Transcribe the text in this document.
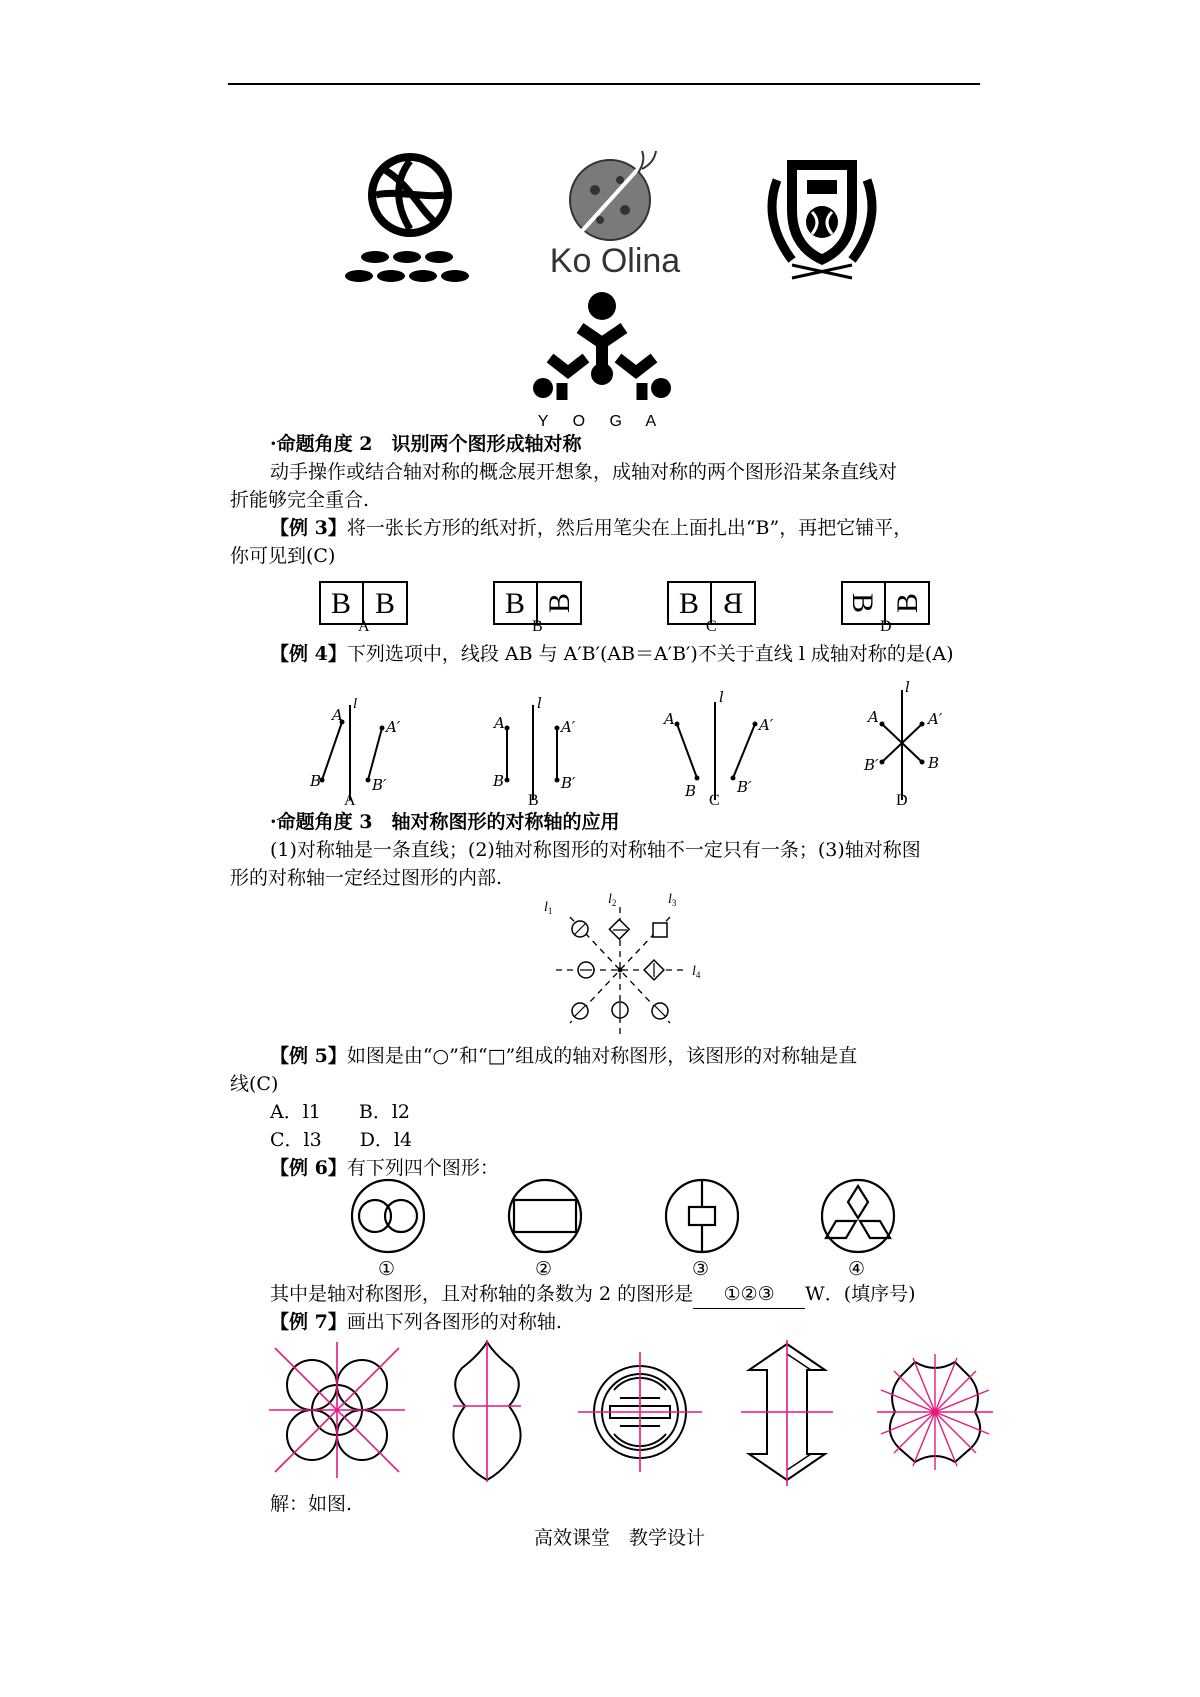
Ko Olina
Y O G A
·命题角度 2　识别两个图形成轴对称
动手操作或结合轴对称的概念展开想象，成轴对称的两个图形沿某条直线对
折能够完全重合.
【例 3】将一张长方形的纸对折，然后用笔尖在上面扎出“B”，再把它铺平，
你可见到(C)
B B	B B	B B	B B
A	B	C	D
【例 4】下列选项中，线段 AB 与 A′B′(AB＝A′B′)不关于直线 l 成轴对称的是(A)
l
A
B
A′
B′
l
A
B
A′
B′
l
A
B
A′
B′
l
A
B
A′
B′
A	B	C	D
·命题角度 3　轴对称图形的对称轴的应用
(1)对称轴是一条直线；(2)轴对称图形的对称轴不一定只有一条；(3)轴对称图
形的对称轴一定经过图形的内部.
$l_1$
$l_2$	$l_3$
$l_4$
【例 5】如图是由“○”和“□”组成的轴对称图形，该图形的对称轴是直
线(C)
A．l1　　B．l2
C．l3　　D．l4
【例 6】有下列四个图形：
①	②	③	④
其中是轴对称图形，且对称轴的条数为 2 的图形是 ①②③ W．(填序号)
【例 7】画出下列各图形的对称轴.
解：如图.
高效课堂　教学设计
